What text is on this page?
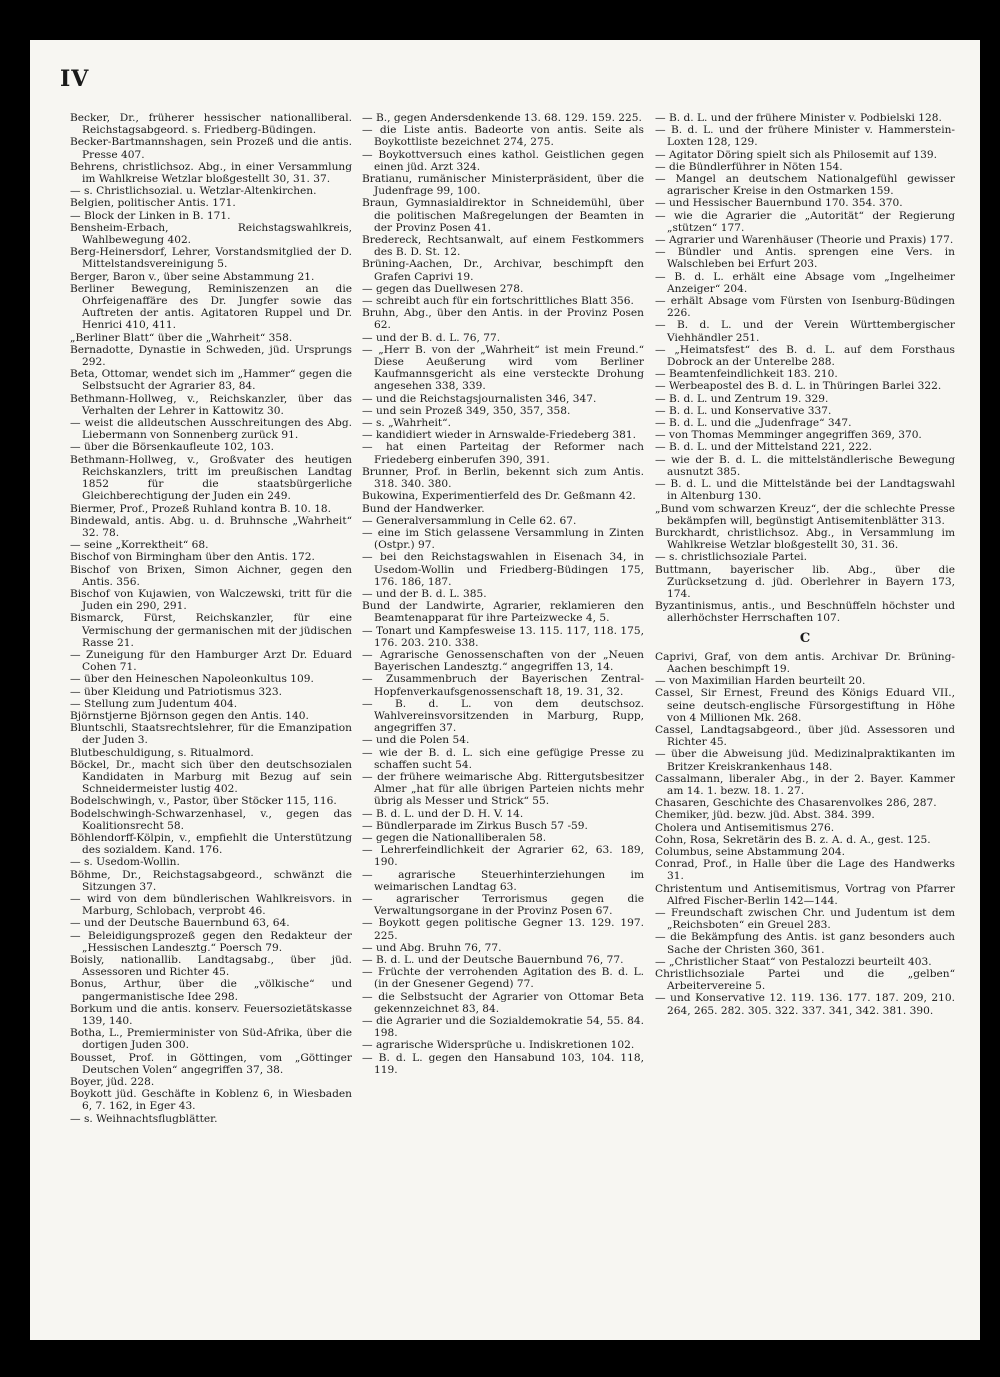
IV

Becker, Dr., früherer hessischer nationalliberal. Reichstagsabgeord. s. Friedberg-Büdingen.

Becker-Bartmannshagen, sein Prozeß und die antis. Presse 407.

Behrens, christlichsoz. Abg., in einer Versammlung im Wahlkreise Wetzlar bloßgestellt 30, 31. 37.

— s. Christlichsozial. u. Wetzlar-Altenkirchen.

Belgien, politischer Antis. 171.

— Block der Linken in B. 171.

Bensheim-Erbach, Reichstagswahlkreis, Wahlbewegung 402.

Berg-Heinersdorf, Lehrer, Vorstandsmitglied der D. Mittelstandsvereinigung 5.

Berger, Baron v., über seine Abstammung 21.

Berliner Bewegung, Reminiszenzen an die Ohrfeigenaffäre des Dr. Jungfer sowie das Auftreten der antis. Agitatoren Ruppel und Dr. Henrici 410, 411.

„Berliner Blatt“ über die „Wahrheit“ 358.

Bernadotte, Dynastie in Schweden, jüd. Ursprungs 292.

Beta, Ottomar, wendet sich im „Hammer“ gegen die Selbstsucht der Agrarier 83, 84.

Bethmann-Hollweg, v., Reichskanzler, über das Verhalten der Lehrer in Kattowitz 30.

— weist die alldeutschen Ausschreitungen des Abg. Liebermann von Sonnenberg zurück 91.

— über die Börsenkaufleute 102, 103.

Bethmann-Hollweg, v., Großvater des heutigen Reichskanzlers, tritt im preußischen Landtag 1852 für die staatsbürgerliche Gleichberechtigung der Juden ein 249.

Biermer, Prof., Prozeß Ruhland kontra B. 10. 18.

Bindewald, antis. Abg. u. d. Bruhnsche „Wahrheit“ 32. 78.

— seine „Korrektheit“ 68.

Bischof von Birmingham über den Antis. 172.

Bischof von Brixen, Simon Aichner, gegen den Antis. 356.

Bischof von Kujawien, von Walczewski, tritt für die Juden ein 290, 291.

Bismarck, Fürst, Reichskanzler, für eine Vermischung der germanischen mit der jüdischen Rasse 21.

— Zuneigung für den Hamburger Arzt Dr. Eduard Cohen 71.

— über den Heineschen Napoleonkultus 109.

— über Kleidung und Patriotismus 323.

— Stellung zum Judentum 404.

Björnstjerne Björnson gegen den Antis. 140.

Bluntschli, Staatsrechtslehrer, für die Emanzipation der Juden 3.

Blutbeschuldigung, s. Ritualmord.

Böckel, Dr., macht sich über den deutschsozialen Kandidaten in Marburg mit Bezug auf sein Schneidermeister lustig 402.

Bodelschwingh, v., Pastor, über Stöcker 115, 116.

Bodelschwingh-Schwarzenhasel, v., gegen das Koalitionsrecht 58.

Böhlendorff-Kölpin, v., empfiehlt die Unterstützung des sozialdem. Kand. 176.

— s. Usedom-Wollin.

Böhme, Dr., Reichstagsabgeord., schwänzt die Sitzungen 37.

— wird von dem bündlerischen Wahlkreisvors. in Marburg, Schlobach, verprobt 46.

— und der Deutsche Bauernbund 63, 64.

— Beleidigungsprozeß gegen den Redakteur der „Hessischen Landesztg.“ Poersch 79.

Boisly, nationallib. Landtagsabg., über jüd. Assessoren und Richter 45.

Bonus, Arthur, über die „völkische“ und pangermanistische Idee 298.

Borkum und die antis. konserv. Feuersozietätskasse 139, 140.

Botha, L., Premierminister von Süd-Afrika, über die dortigen Juden 300.

Bousset, Prof. in Göttingen, vom „Göttinger Deutschen Volen“ angegriffen 37, 38.

Boyer, jüd. 228.

Boykott jüd. Geschäfte in Koblenz 6, in Wiesbaden 6, 7. 162, in Eger 43.

— s. Weihnachtsflugblätter.

— B., gegen Andersdenkende 13. 68. 129. 159. 225.

— die Liste antis. Badeorte von antis. Seite als Boykottliste bezeichnet 274, 275.

— Boykottversuch eines kathol. Geistlichen gegen einen jüd. Arzt 324.

Bratianu, rumänischer Ministerpräsident, über die Judenfrage 99, 100.

Braun, Gymnasialdirektor in Schneidemühl, über die politischen Maßregelungen der Beamten in der Provinz Posen 41.

Bredereck, Rechtsanwalt, auf einem Festkommers des B. D. St. 12.

Brüning-Aachen, Dr., Archivar, beschimpft den Grafen Caprivi 19.

— gegen das Duellwesen 278.

— schreibt auch für ein fortschrittliches Blatt 356.

Bruhn, Abg., über den Antis. in der Provinz Posen 62.

— und der B. d. L. 76, 77.

— „Herr B. von der „Wahrheit“ ist mein Freund.“ Diese Aeußerung wird vom Berliner Kaufmannsgericht als eine versteckte Drohung angesehen 338, 339.

— und die Reichstagsjournalisten 346, 347.

— und sein Prozeß 349, 350, 357, 358.

— s. „Wahrheit“.

— kandidiert wieder in Arnswalde-Friedeberg 381.

— hat einen Parteitag der Reformer nach Friedeberg einberufen 390, 391.

Brunner, Prof. in Berlin, bekennt sich zum Antis. 318. 340. 380.

Bukowina, Experimentierfeld des Dr. Geßmann 42.

Bund der Handwerker.

— Generalversammlung in Celle 62. 67.

— eine im Stich gelassene Versammlung in Zinten (Ostpr.) 97.

— bei den Reichstagswahlen in Eisenach 34, in Usedom-Wollin und Friedberg-Büdingen 175, 176. 186, 187.

— und der B. d. L. 385.

Bund der Landwirte, Agrarier, reklamieren den Beamtenapparat für ihre Parteizwecke 4, 5.

— Tonart und Kampfesweise 13. 115. 117, 118. 175, 176. 203. 210. 338.

— Agrarische Genossenschaften von der „Neuen Bayerischen Landesztg.“ angegriffen 13, 14.

— Zusammenbruch der Bayerischen Zentral-Hopfenverkaufsgenossenschaft 18, 19. 31, 32.

— B. d. L. von dem deutschsoz. Wahlvereinsvorsitzenden in Marburg, Rupp, angegriffen 37.

— und die Polen 54.

— wie der B. d. L. sich eine gefügige Presse zu schaffen sucht 54.

— der frühere weimarische Abg. Rittergutsbesitzer Almer „hat für alle übrigen Parteien nichts mehr übrig als Messer und Strick“ 55.

— B. d. L. und der D. H. V. 14.

— Bündlerparade im Zirkus Busch 57 -59.

— gegen die Nationalliberalen 58.

— Lehrerfeindlichkeit der Agrarier 62, 63. 189, 190.

— agrarische Steuerhinterziehungen im weimarischen Landtag 63.

— agrarischer Terrorismus gegen die Verwaltungsorgane in der Provinz Posen 67.

— Boykott gegen politische Gegner 13. 129. 197. 225.

— und Abg. Bruhn 76, 77.

— B. d. L. und der Deutsche Bauernbund 76, 77.

— Früchte der verrohenden Agitation des B. d. L. (in der Gnesener Gegend) 77.

— die Selbstsucht der Agrarier von Ottomar Beta gekennzeichnet 83, 84.

— die Agrarier und die Sozialdemokratie 54, 55. 84. 198.

— agrarische Widersprüche u. Indiskretionen 102.

— B. d. L. gegen den Hansabund 103, 104. 118, 119.

— B. d. L. und der frühere Minister v. Podbielski 128.

— B. d. L. und der frühere Minister v. Hammerstein-Loxten 128, 129.

— Agitator Döring spielt sich als Philosemit auf 139.

— die Bündlerführer in Nöten 154.

— Mangel an deutschem Nationalgefühl gewisser agrarischer Kreise in den Ostmarken 159.

— und Hessischer Bauernbund 170. 354. 370.

— wie die Agrarier die „Autorität“ der Regierung „stützen“ 177.

— Agrarier und Warenhäuser (Theorie und Praxis) 177.

— Bündler und Antis. sprengen eine Vers. in Walschleben bei Erfurt 203.

— B. d. L. erhält eine Absage vom „Ingelheimer Anzeiger“ 204.

— erhält Absage vom Fürsten von Isenburg-Büdingen 226.

— B. d. L. und der Verein Württembergischer Viehhändler 251.

— „Heimatsfest“ des B. d. L. auf dem Forsthaus Dobrock an der Unterelbe 288.

— Beamtenfeindlichkeit 183. 210.

— Werbeapostel des B. d. L. in Thüringen Barlei 322.

— B. d. L. und Zentrum 19. 329.

— B. d. L. und Konservative 337.

— B. d. L. und die „Judenfrage“ 347.

— von Thomas Memminger angegriffen 369, 370.

— B. d. L. und der Mittelstand 221, 222.

— wie der B. d. L. die mittelständlerische Bewegung ausnutzt 385.

— B. d. L. und die Mittelstände bei der Landtagswahl in Altenburg 130.

„Bund vom schwarzen Kreuz“, der die schlechte Presse bekämpfen will, begünstigt Antisemitenblätter 313.

Burckhardt, christlichsoz. Abg., in Versammlung im Wahlkreise Wetzlar bloßgestellt 30, 31. 36.

— s. christlichsoziale Partei.

Buttmann, bayerischer lib. Abg., über die Zurücksetzung d. jüd. Oberlehrer in Bayern 173, 174.

Byzantinismus, antis., und Beschnüffeln höchster und allerhöchster Herrschaften 107.

C

Caprivi, Graf, von dem antis. Archivar Dr. Brüning-Aachen beschimpft 19.

— von Maximilian Harden beurteilt 20.

Cassel, Sir Ernest, Freund des Königs Eduard VII., seine deutsch-englische Fürsorgestiftung in Höhe von 4 Millionen Mk. 268.

Cassel, Landtagsabgeord., über jüd. Assessoren und Richter 45.

— über die Abweisung jüd. Medizinalpraktikanten im Britzer Kreiskrankenhaus 148.

Cassalmann, liberaler Abg., in der 2. Bayer. Kammer am 14. 1. bezw. 18. 1. 27.

Chasaren, Geschichte des Chasarenvolkes 286, 287.

Chemiker, jüd. bezw. jüd. Abst. 384. 399.

Cholera und Antisemitismus 276.

Cohn, Rosa, Sekretärin des B. z. A. d. A., gest. 125.

Columbus, seine Abstammung 204.

Conrad, Prof., in Halle über die Lage des Handwerks 31.

Christentum und Antisemitismus, Vortrag von Pfarrer Alfred Fischer-Berlin 142—144.

— Freundschaft zwischen Chr. und Judentum ist dem „Reichsboten“ ein Greuel 283.

— die Bekämpfung des Antis. ist ganz besonders auch Sache der Christen 360, 361.

— „Christlicher Staat“ von Pestalozzi beurteilt 403.

Christlichsoziale Partei und die „gelben“ Arbeitervereine 5.

— und Konservative 12. 119. 136. 177. 187. 209, 210. 264, 265. 282. 305. 322. 337. 341, 342. 381. 390.
